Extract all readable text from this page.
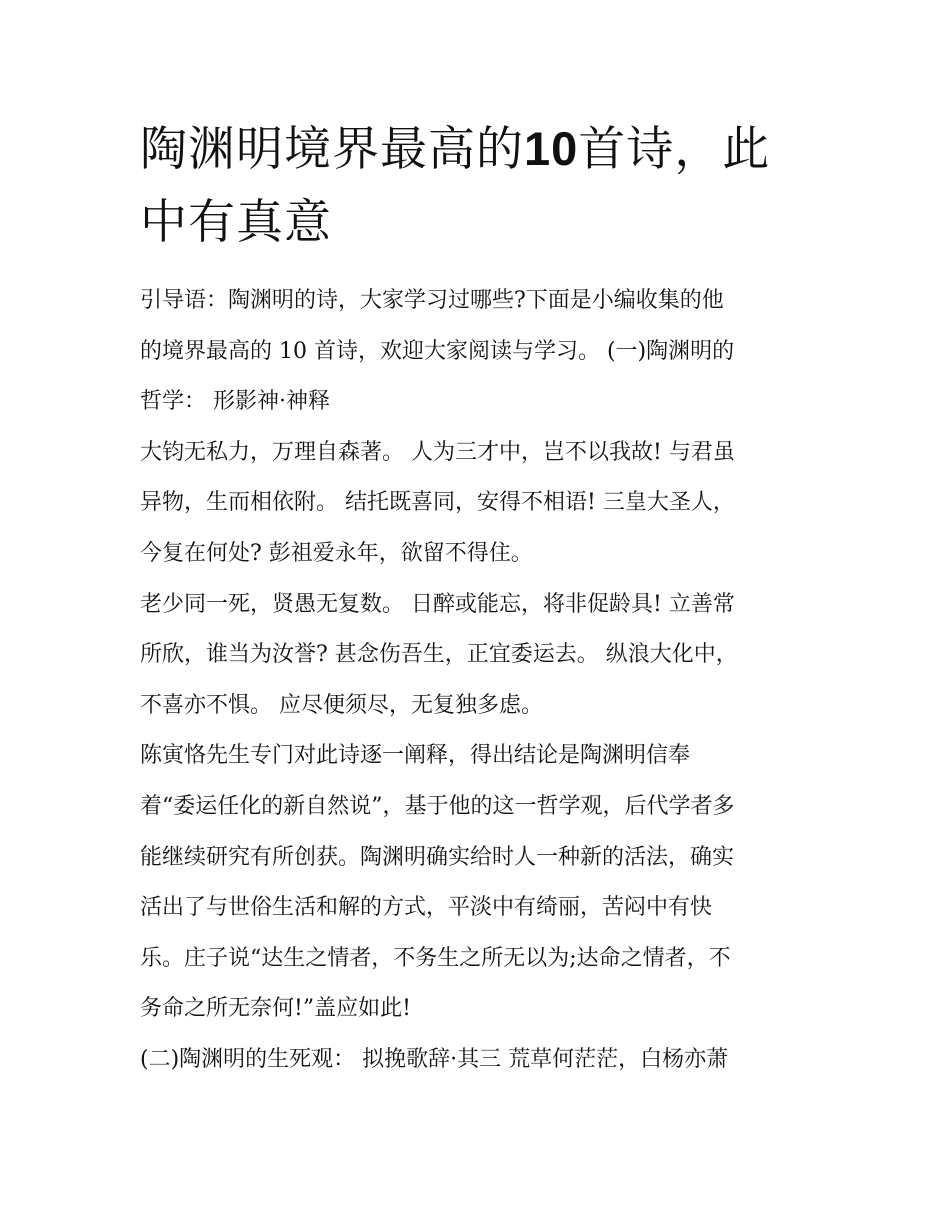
陶渊明境界最高的10首诗，此
中有真意
引导语：陶渊明的诗，大家学习过哪些?下面是小编收集的他
的境界最高的 10 首诗，欢迎大家阅读与学习。 (一)陶渊明的
哲学： 形影神·神释
大钧无私力，万理自森著。 人为三才中，岂不以我故! 与君虽
异物，生而相依附。 结托既喜同，安得不相语! 三皇大圣人，
今复在何处? 彭祖爱永年，欲留不得住。
老少同一死，贤愚无复数。 日醉或能忘，将非促龄具! 立善常
所欣，谁当为汝誉? 甚念伤吾生，正宜委运去。 纵浪大化中，
不喜亦不惧。 应尽便须尽，无复独多虑。
陈寅恪先生专门对此诗逐一阐释，得出结论是陶渊明信奉
着“委运任化的新自然说”，基于他的这一哲学观，后代学者多
能继续研究有所创获。陶渊明确实给时人一种新的活法，确实
活出了与世俗生活和解的方式，平淡中有绮丽，苦闷中有快
乐。庄子说“达生之情者，不务生之所无以为;达命之情者，不
务命之所无奈何!”盖应如此!
(二)陶渊明的生死观： 拟挽歌辞·其三 荒草何茫茫，白杨亦萧
